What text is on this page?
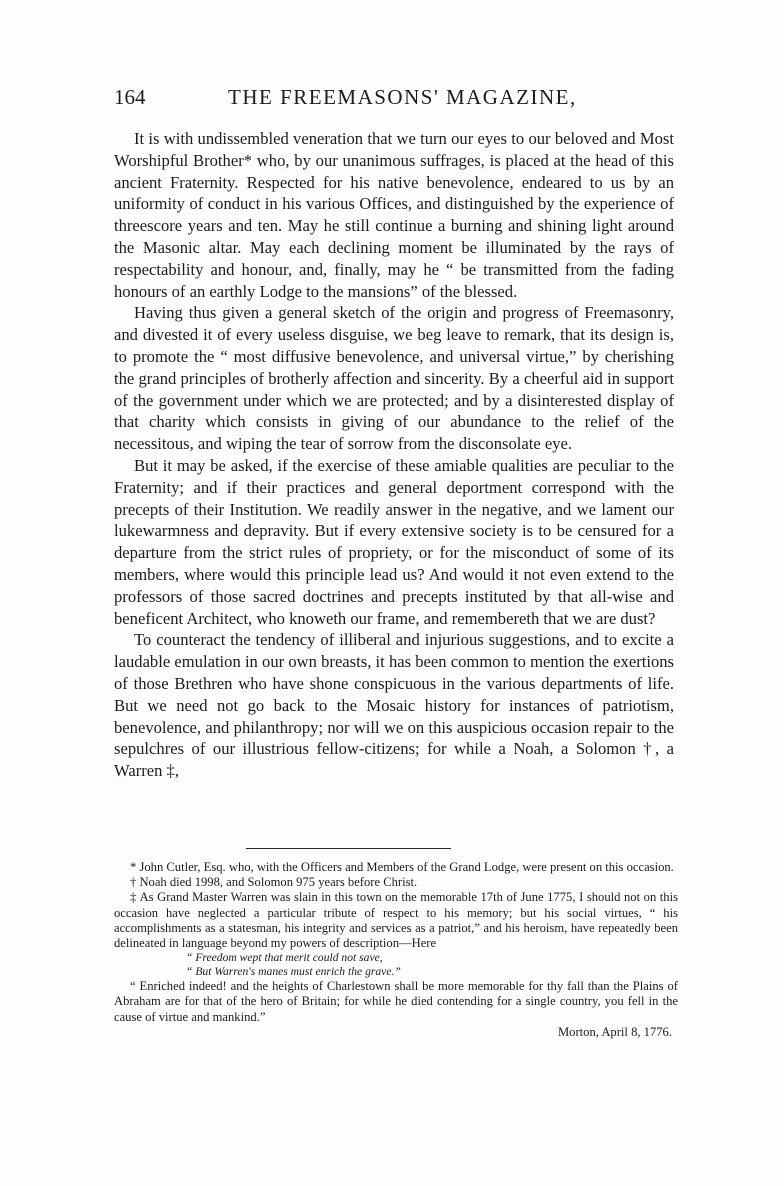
164	THE FREEMASONS' MAGAZINE,

It is with undissembled veneration that we turn our eyes to our beloved and Most Worshipful Brother* who, by our unanimous suffrages, is placed at the head of this ancient Fraternity. Respected for his native benevolence, endeared to us by an uniformity of conduct in his various Offices, and distinguished by the experience of threescore years and ten. May he still continue a burning and shining light around the Masonic altar. May each declining moment be illuminated by the rays of respectability and honour, and, finally, may he “ be transmitted from the fading honours of an earthly Lodge to the mansions” of the blessed.

Having thus given a general sketch of the origin and progress of Freemasonry, and divested it of every useless disguise, we beg leave to remark, that its design is, to promote the “ most diffusive benevolence, and universal virtue,” by cherishing the grand principles of brotherly affection and sincerity. By a cheerful aid in support of the government under which we are protected; and by a disinterested display of that charity which consists in giving of our abundance to the relief of the necessitous, and wiping the tear of sorrow from the disconsolate eye.

But it may be asked, if the exercise of these amiable qualities are peculiar to the Fraternity; and if their practices and general deportment correspond with the precepts of their Institution. We readily answer in the negative, and we lament our lukewarmness and depravity. But if every extensive society is to be censured for a departure from the strict rules of propriety, or for the misconduct of some of its members, where would this principle lead us? And would it not even extend to the professors of those sacred doctrines and precepts instituted by that all-wise and beneficent Architect, who knoweth our frame, and remembereth that we are dust?

To counteract the tendency of illiberal and injurious suggestions, and to excite a laudable emulation in our own breasts, it has been common to mention the exertions of those Brethren who have shone conspicuous in the various departments of life. But we need not go back to the Mosaic history for instances of patriotism, benevolence, and philanthropy; nor will we on this auspicious occasion repair to the sepulchres of our illustrious fellow-citizens; for while a Noah, a Solomon †, a Warren ‡,

* John Cutler, Esq. who, with the Officers and Members of the Grand Lodge, were present on this occasion.

† Noah died 1998, and Solomon 975 years before Christ.

‡ As Grand Master Warren was slain in this town on the memorable 17th of June 1775, I should not on this occasion have neglected a particular tribute of respect to his memory; but his social virtues, “ his accomplishments as a statesman, his integrity and services as a patriot,” and his heroism, have repeatedly been delineated in language beyond my powers of description—Here

“ Freedom wept that merit could not save,

“ But Warren's manes must enrich the grave.”

“ Enriched indeed! and the heights of Charlestown shall be more memorable for thy fall than the Plains of Abraham are for that of the hero of Britain; for while he died contending for a single country, you fell in the cause of virtue and mankind.”

Morton, April 8, 1776.
